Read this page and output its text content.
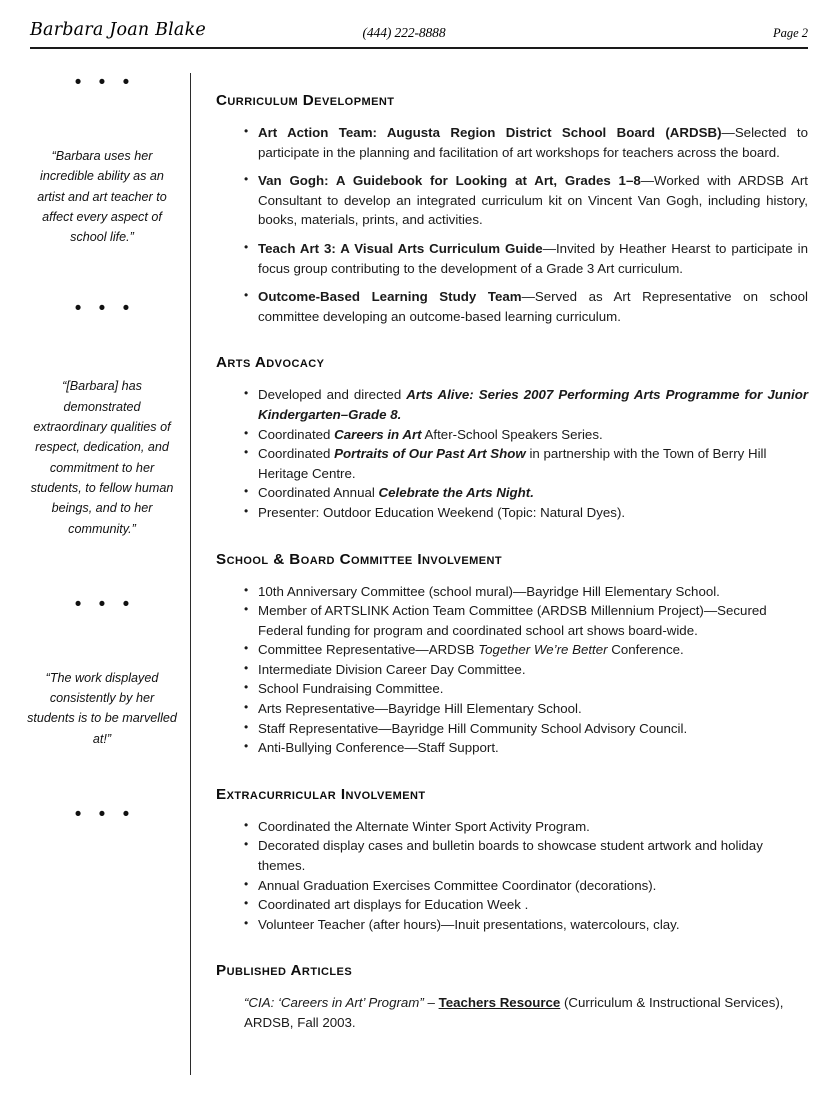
Barbara Joan Blake	(444) 222-8888	Page 2
• • •
“Barbara uses her incredible ability as an artist and art teacher to affect every aspect of school life.”
• • •
“[Barbara] has demonstrated extraordinary qualities of respect, dedication, and commitment to her students, to fellow human beings, and to her community.”
• • •
“The work displayed consistently by her students is to be marvelled at!”
• • •
Curriculum Development
• Art Action Team: Augusta Region District School Board (ARDSB)—Selected to participate in the planning and facilitation of art workshops for teachers across the board.
• Van Gogh: A Guidebook for Looking at Art, Grades 1–8—Worked with ARDSB Art Consultant to develop an integrated curriculum kit on Vincent Van Gogh, including history, books, materials, prints, and activities.
• Teach Art 3: A Visual Arts Curriculum Guide—Invited by Heather Hearst to participate in focus group contributing to the development of a Grade 3 Art curriculum.
• Outcome-Based Learning Study Team—Served as Art Representative on school committee developing an outcome-based learning curriculum.
Arts Advocacy
• Developed and directed Arts Alive: Series 2007 Performing Arts Programme for Junior Kindergarten–Grade 8.
• Coordinated Careers in Art After-School Speakers Series.
• Coordinated Portraits of Our Past Art Show in partnership with the Town of Berry Hill Heritage Centre.
• Coordinated Annual Celebrate the Arts Night.
• Presenter: Outdoor Education Weekend (Topic: Natural Dyes).
School & Board Committee Involvement
• 10th Anniversary Committee (school mural)—Bayridge Hill Elementary School.
• Member of ARTSLINK Action Team Committee (ARDSB Millennium Project)—Secured Federal funding for program and coordinated school art shows board-wide.
• Committee Representative—ARDSB Together We’re Better Conference.
• Intermediate Division Career Day Committee.
• School Fundraising Committee.
• Arts Representative—Bayridge Hill Elementary School.
• Staff Representative—Bayridge Hill Community School Advisory Council.
• Anti-Bullying Conference—Staff Support.
Extracurricular Involvement
• Coordinated the Alternate Winter Sport Activity Program.
• Decorated display cases and bulletin boards to showcase student artwork and holiday themes.
• Annual Graduation Exercises Committee Coordinator (decorations).
• Coordinated art displays for Education Week .
• Volunteer Teacher (after hours)—Inuit presentations, watercolours, clay.
Published Articles
“CIA: ‘Careers in Art’ Program” – Teachers Resource (Curriculum & Instructional Services), ARDSB, Fall 2003.
